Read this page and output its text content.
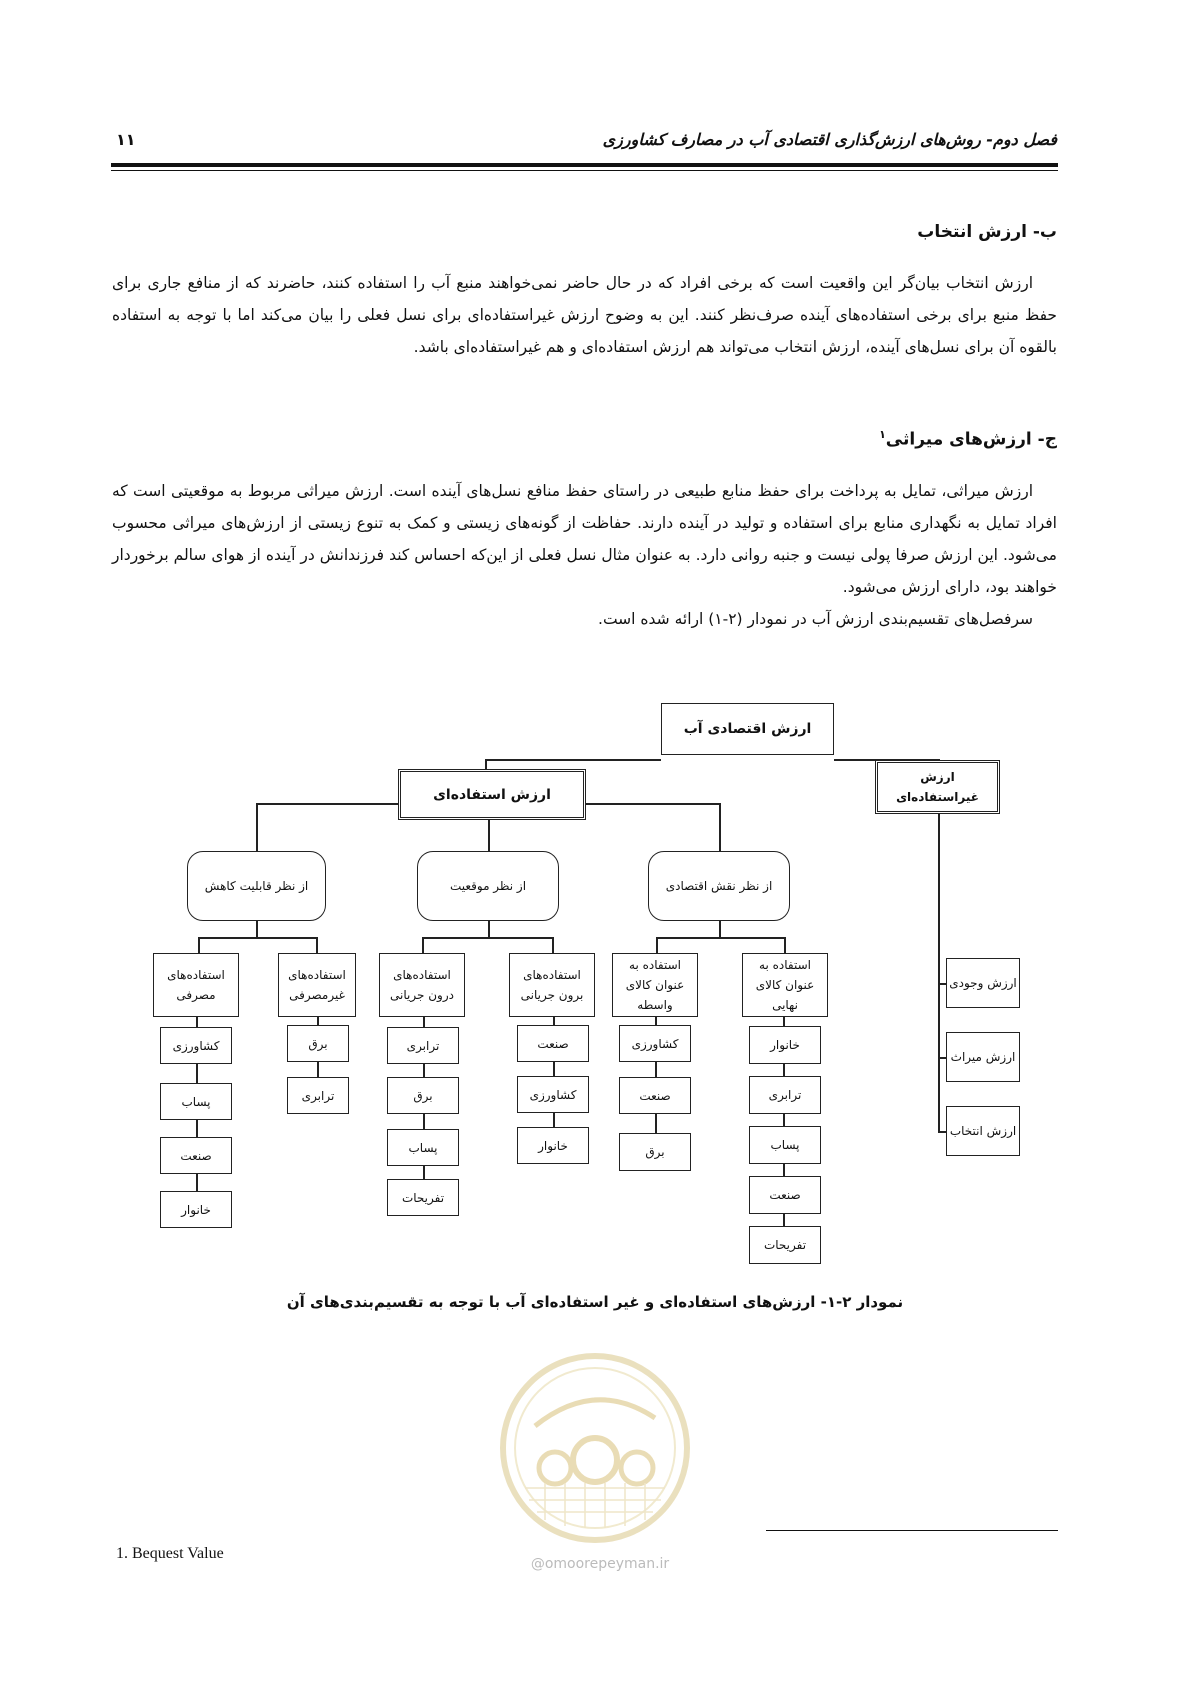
فصل دوم- روش‌های ارزش‌گذاری اقتصادی آب در مصارف کشاورزی
۱۱
ب- ارزش انتخاب

ارزش انتخاب بیان‌گر این واقعیت است که برخی افراد که در حال حاضر نمی‌خواهند منبع آب را استفاده کنند، حاضرند که از منافع جاری برای حفظ منبع برای برخی استفاده‌های آینده صرف‌نظر کنند. این به وضوح ارزش غیراستفاده‌ای برای نسل فعلی را بیان می‌کند اما با توجه به استفاده بالقوه آن برای نسل‌های آینده، ارزش انتخاب می‌تواند هم ارزش استفاده‌ای و هم غیراستفاده‌ای باشد.

ج- ارزش‌های میراثی$^۱$

ارزش میراثی، تمایل به پرداخت برای حفظ منابع طبیعی در راستای حفظ منافع نسل‌های آینده است. ارزش میراثی مربوط به موقعیتی است که افراد تمایل به نگهداری منابع برای استفاده و تولید در آینده دارند. حفاظت از گونه‌های زیستی و کمک به تنوع زیستی از ارزش‌های میراثی محسوب می‌شود. این ارزش صرفا پولی نیست و جنبه روانی دارد. به عنوان مثال نسل فعلی از این‌که احساس کند فرزندانش در آینده از هوای سالم برخوردار خواهند بود، دارای ارزش می‌شود.

سرفصل‌های تقسیم‌بندی ارزش آب در نمودار (۲-۱) ارائه شده است.

ارزش اقتصادی آب
ارزش استفاده‌ای
ارزش غیراستفاده‌ای
از نظر نقش اقتصادی
از نظر موقعیت
از نظر قابلیت کاهش
استفاده به عنوان کالای نهایی
استفاده به عنوان کالای واسطه
استفاده‌های برون جریانی
استفاده‌های درون جریانی
استفاده‌های غیرمصرفی
استفاده‌های مصرفی
خانوار
ترابری
پساب
صنعت
تفریحات
کشاورزی
صنعت
برق
صنعت
کشاورزی
خانوار
ترابری
برق
پساب
تفریحات
برق
ترابری
کشاورزی
پساب
صنعت
خانوار
ارزش وجودی
ارزش میراث
ارزش انتخاب
نمودار ۲-۱- ارزش‌های استفاده‌ای و غیر استفاده‌ای آب با توجه به تقسیم‌بندی‌های آن
@omoorepeyman.ir
1. Bequest Value
